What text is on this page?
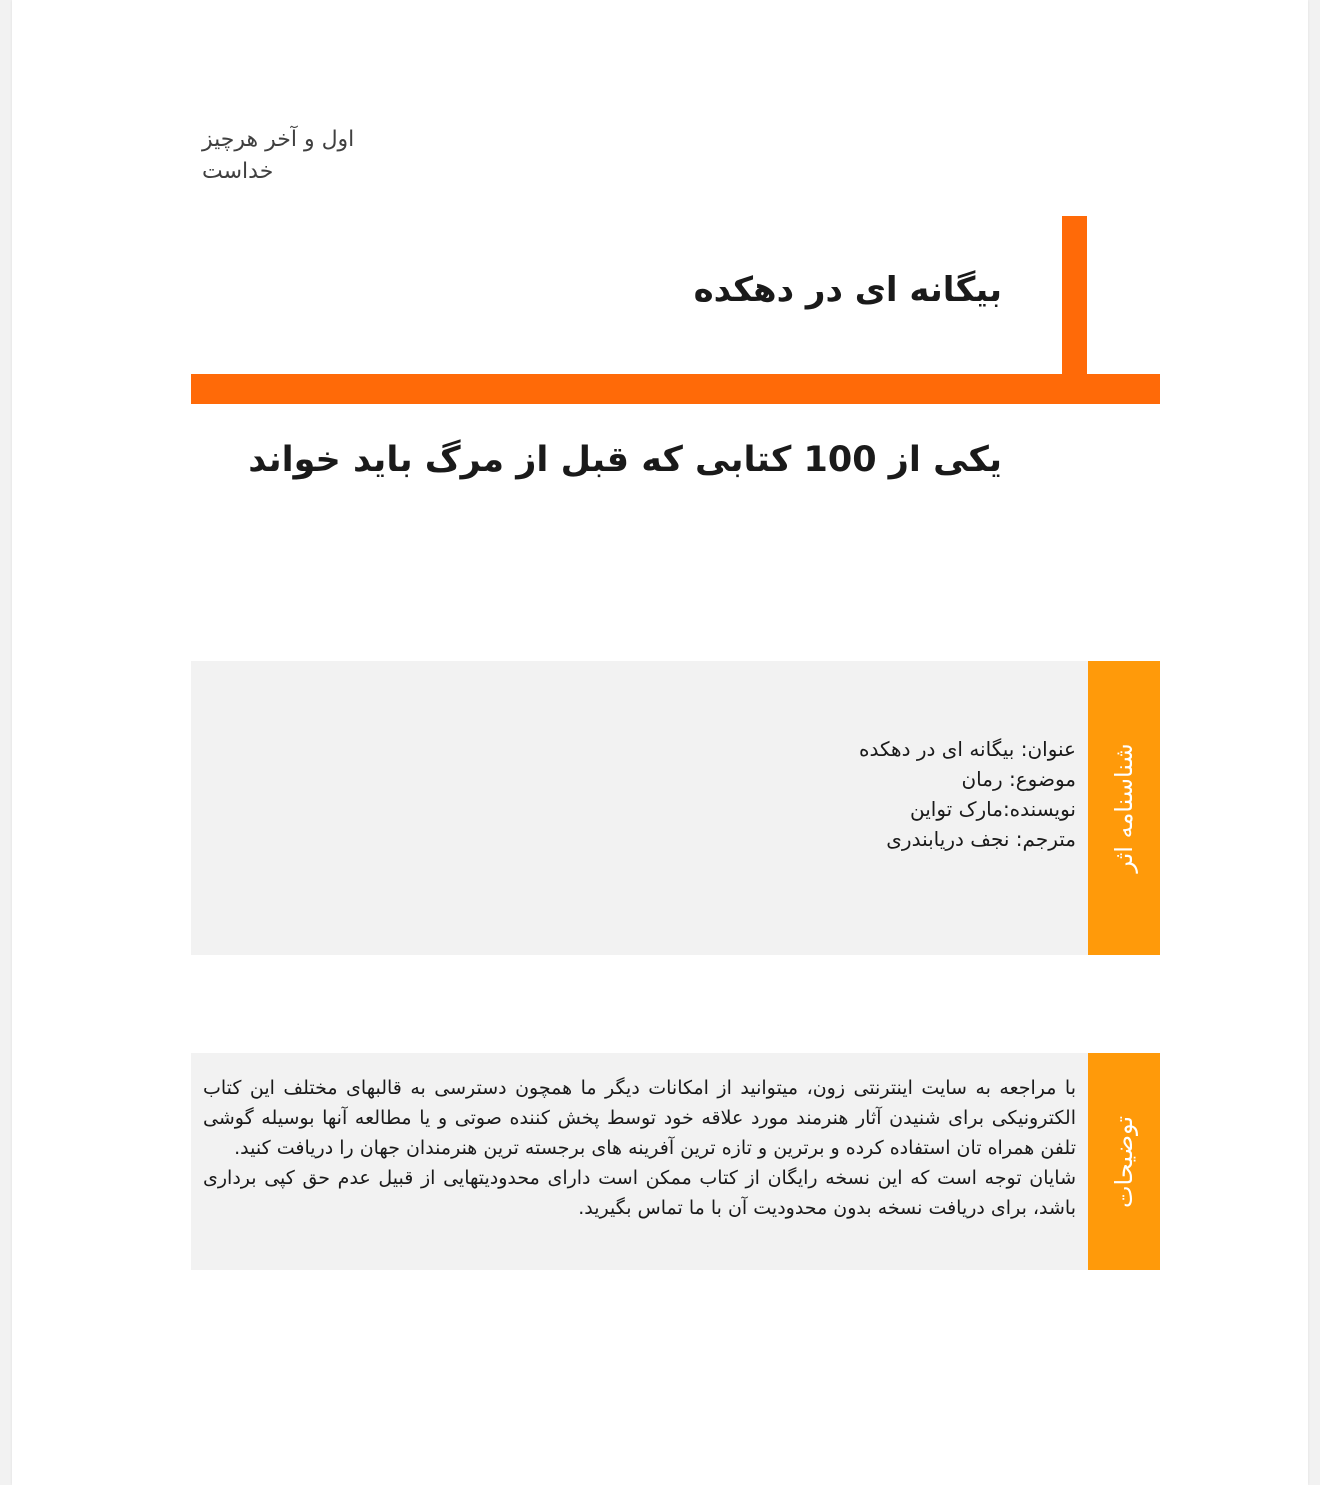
اول و آخر هرچیز
خداست
بیگانه ای در دهکده
یکی از 100 کتابی که قبل از مرگ باید خواند
شناسنامه اثر
عنوان: بیگانه ای در دهکده
موضوع: رمان
نویسنده:مارک تواین
مترجم: نجف دریابندری
توضیحات

با مراجعه به سایت اینترنتی زون، میتوانید از امکانات دیگر ما همچون دسترسی به قالبهای مختلف این کتاب الکترونیکی برای شنیدن آثار هنرمند مورد علاقه خود توسط پخش کننده صوتی و یا مطالعه آنها بوسیله گوشی تلفن همراه تان استفاده کرده و برترین و تازه ترین آفرینه های برجسته ترین هنرمندان جهان را دریافت کنید.

شایان توجه است که این نسخه رایگان از کتاب ممکن است دارای محدودیتهایی از قبیل عدم حق کپی برداری باشد، برای دریافت نسخه بدون محدودیت آن با ما تماس بگیرید.
